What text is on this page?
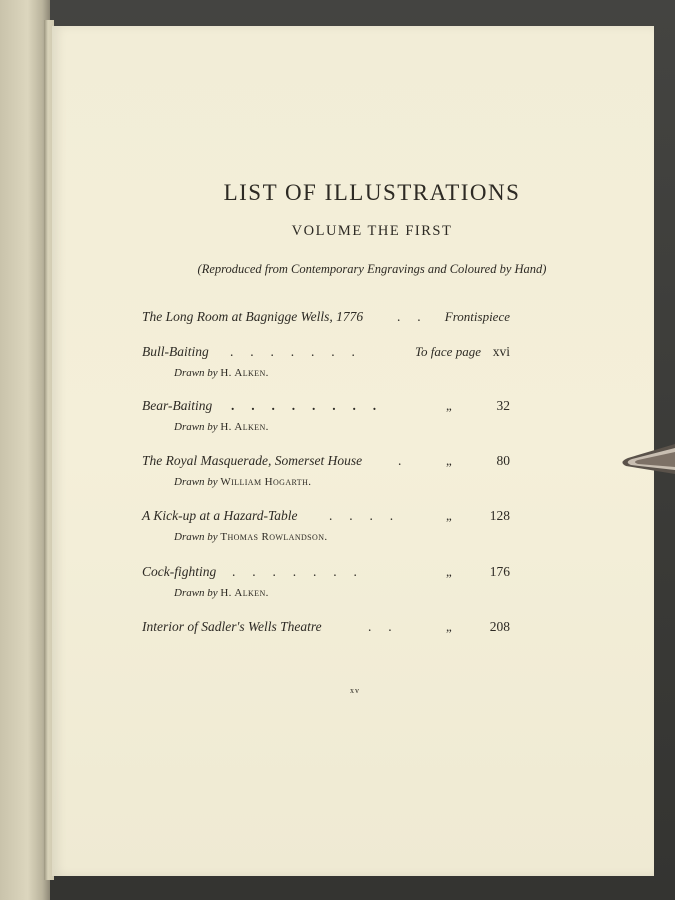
LIST OF ILLUSTRATIONS
VOLUME THE FIRST
(Reproduced from Contemporary Engravings and Coloured by Hand)
The Long Room at Bagnigge Wells, 1776	.     . Frontispiece
Bull-Baiting .     .     .     .     .     .     .	To face page xvi
Drawn by H. Alken.
Bear-Baiting .     .     .     .     .     .     .     .	„	32
Drawn by H. Alken.
The Royal Masquerade, Somerset House	.	„	80
Drawn by William Hogarth.
A Kick-up at a Hazard-Table .     .     .     .	„	128
Drawn by Thomas Rowlandson.
Cock-fighting .     .     .     .     .     .     .	„	176
Drawn by H. Alken.
Interior of Sadler's Wells Theatre	.     .	„	208
xv
